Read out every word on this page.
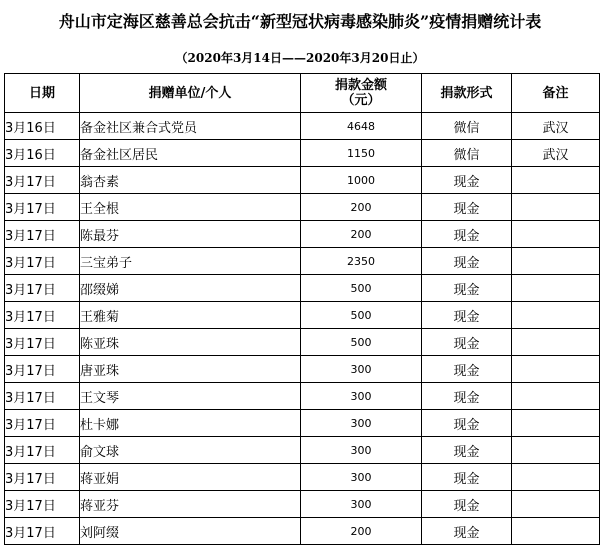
舟山市定海区慈善总会抗击“新型冠状病毒感染肺炎”疫情捐赠统计表
（2020年3月14日——2020年3月20日止）
日期	捐赠单位/个人	捐款金额
（元）	捐款形式	备注
3月16日	备金社区兼合式党员	4648	微信	武汉
3月16日	备金社区居民	1150	微信	武汉
3月17日	翁杏素	1000	现金	
3月17日	王全根	200	现金	
3月17日	陈最芬	200	现金	
3月17日	三宝弟子	2350	现金	
3月17日	邵缀娣	500	现金	
3月17日	王雅菊	500	现金	
3月17日	陈亚珠	500	现金	
3月17日	唐亚珠	300	现金	
3月17日	王文琴	300	现金	
3月17日	杜卡娜	300	现金	
3月17日	俞文球	300	现金	
3月17日	蒋亚娟	300	现金	
3月17日	蒋亚芬	300	现金	
3月17日	刘阿缀	200	现金	
